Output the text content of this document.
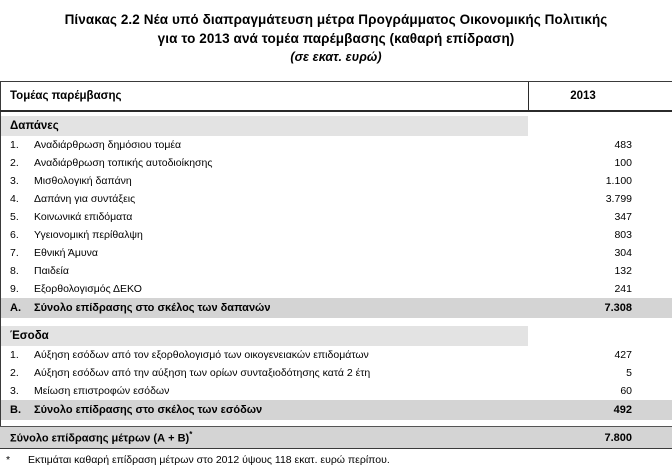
Πίνακας 2.2 Νέα υπό διαπραγμάτευση μέτρα Προγράμματος Οικονομικής Πολιτικής
για το 2013 ανά τομέα παρέμβασης (καθαρή επίδραση)
(σε εκατ. ευρώ)
Τομέας παρέμβασης	2013
Δαπάνες
1.	Αναδιάρθρωση δημόσιου τομέα	483
2.	Αναδιάρθρωση τοπικής αυτοδιοίκησης	100
3.	Μισθολογική δαπάνη	1.100
4.	Δαπάνη για συντάξεις	3.799
5.	Κοινωνικά επιδόματα	347
6.	Υγειονομική περίθαλψη	803
7.	Εθνική Άμυνα	304
8.	Παιδεία	132
9.	Εξορθολογισμός ΔΕΚΟ	241
Α.	Σύνολο επίδρασης στο σκέλος των δαπανών	7.308
Έσοδα
1.	Αύξηση εσόδων από τον εξορθολογισμό των οικογενειακών επιδομάτων	427
2.	Αύξηση εσόδων από την αύξηση των ορίων συνταξιοδότησης κατά 2 έτη	5
3.	Μείωση επιστροφών εσόδων	60
Β.	Σύνολο επίδρασης στο σκέλος των εσόδων	492
Σύνολο επίδρασης μέτρων (Α + Β)*	7.800
*	Εκτιμάται καθαρή επίδραση μέτρων στο 2012 ύψους 118 εκατ. ευρώ περίπου.
